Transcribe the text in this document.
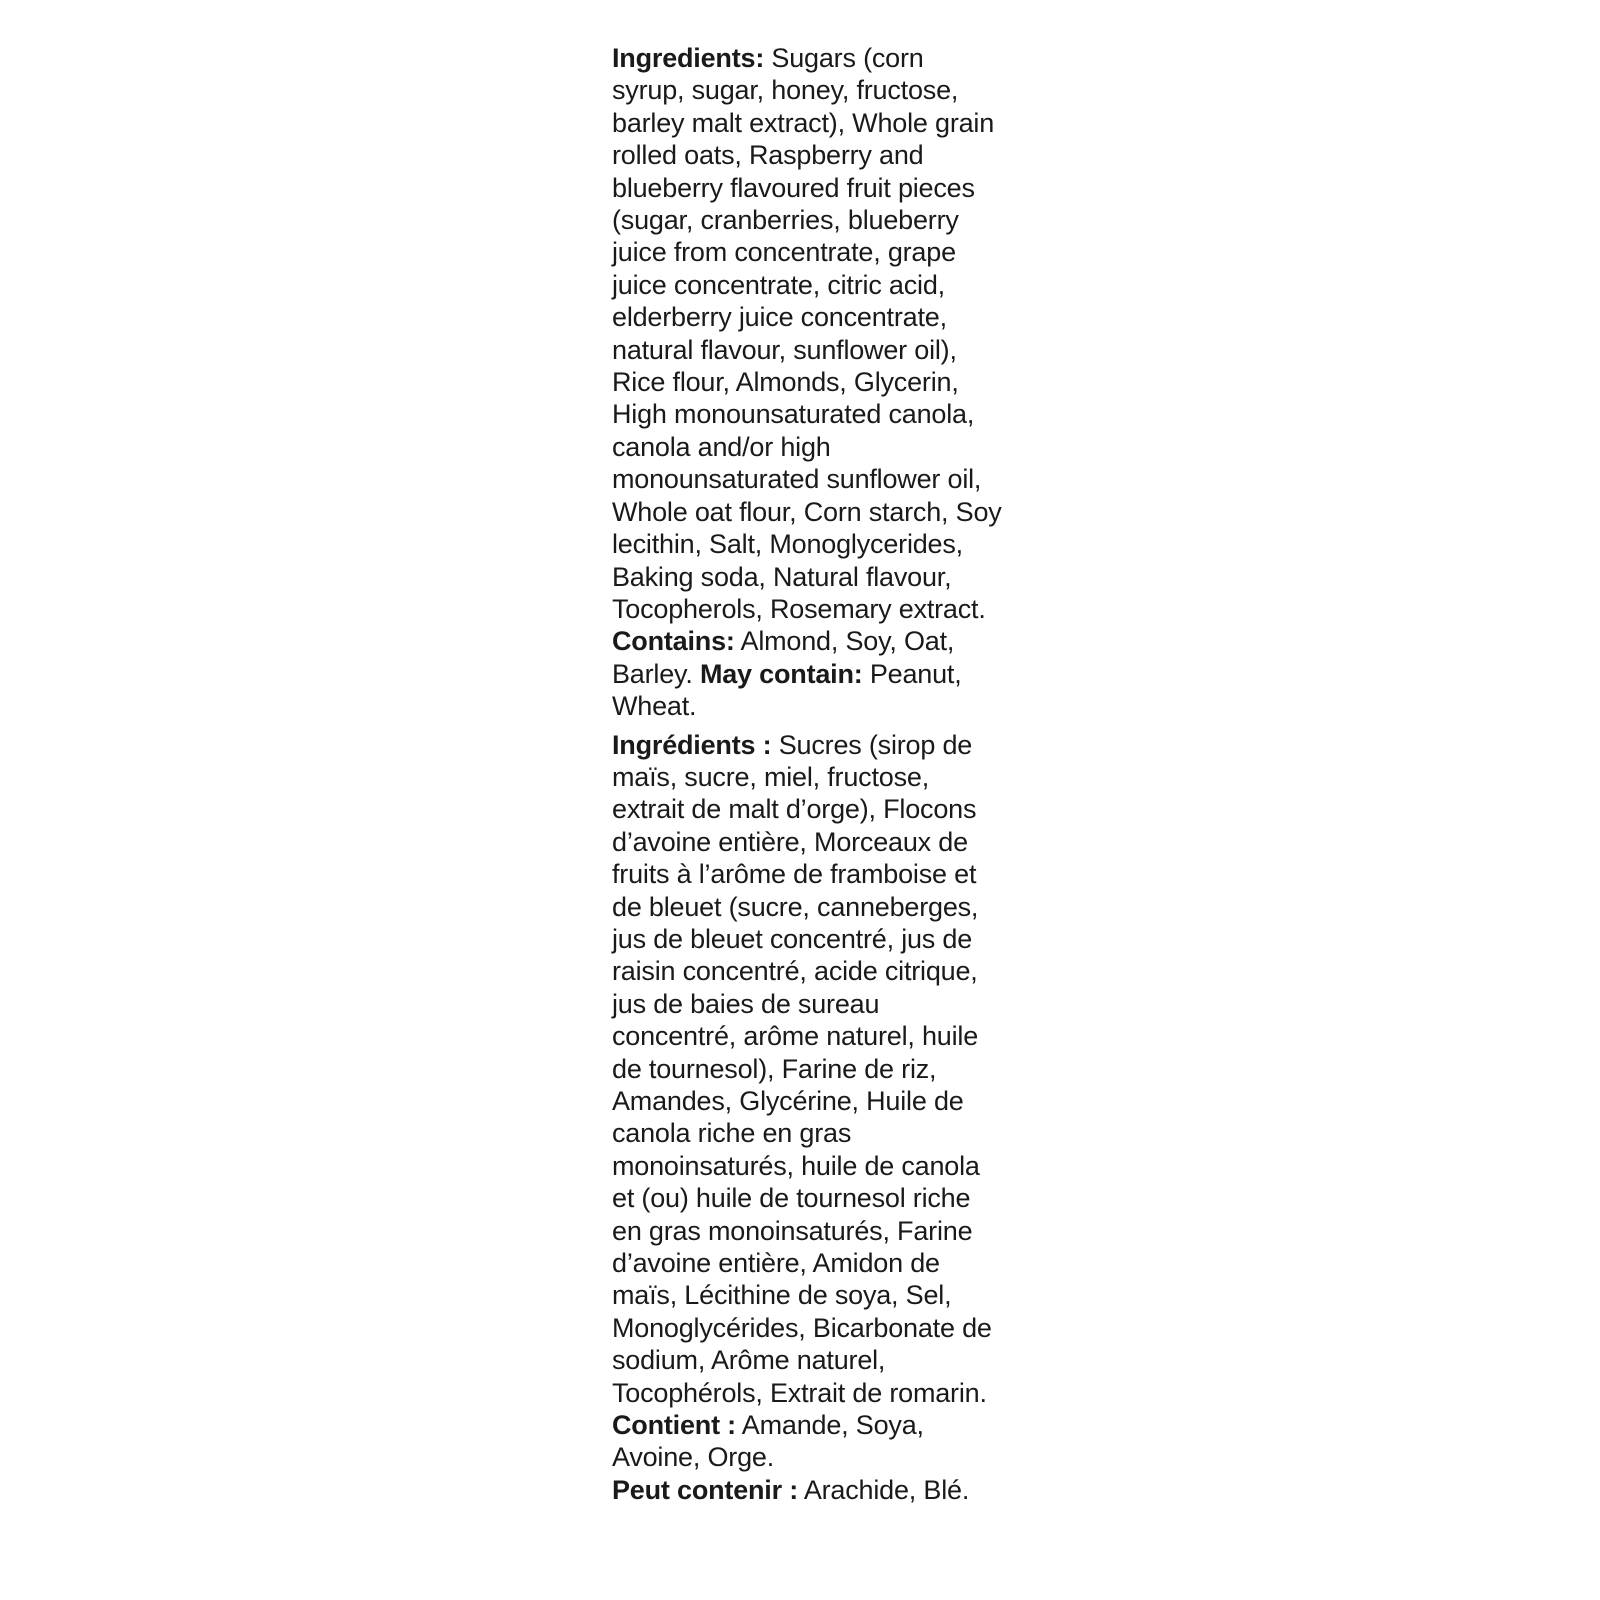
Ingredients: Sugars (corn syrup, sugar, honey, fructose, barley malt extract), Whole grain rolled oats, Raspberry and blueberry flavoured fruit pieces (sugar, cranberries, blueberry juice from concentrate, grape juice concentrate, citric acid, elderberry juice concentrate, natural flavour, sunflower oil), Rice flour, Almonds, Glycerin, High monounsaturated canola, canola and/or high monounsaturated sunflower oil, Whole oat flour, Corn starch, Soy lecithin, Salt, Monoglycerides, Baking soda, Natural flavour, Tocopherols, Rosemary extract.

Contains: Almond, Soy, Oat, Barley. May contain: Peanut, Wheat.

Ingrédients : Sucres (sirop de maïs, sucre, miel, fructose, extrait de malt d’orge), Flocons d’avoine entière, Morceaux de fruits à l’arôme de framboise et de bleuet (sucre, canneberges, jus de bleuet concentré, jus de raisin concentré, acide citrique, jus de baies de sureau concentré, arôme naturel, huile de tournesol), Farine de riz, Amandes, Glycérine, Huile de canola riche en gras monoinsaturés, huile de canola et (ou) huile de tournesol riche en gras monoinsaturés, Farine d’avoine entière, Amidon de maïs, Lécithine de soya, Sel, Monoglycérides, Bicarbonate de sodium, Arôme naturel, Tocophérols, Extrait de romarin.

Contient : Amande, Soya, Avoine, Orge.

Peut contenir : Arachide, Blé.
